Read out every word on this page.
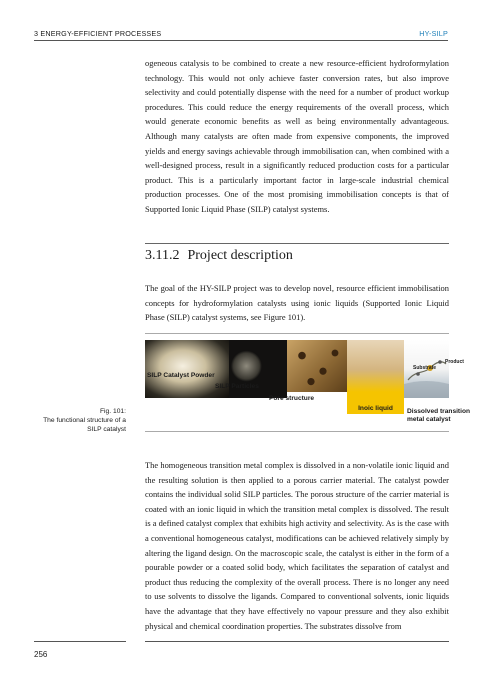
3 ENERGY-EFFICIENT PROCESSES	HY-SILP

ogeneous catalysis to be combined to create a new resource-efficient hydroformylation technology. This would not only achieve faster conversion rates, but also improve selectivity and could potentially dispense with the need for a number of product workup procedures. This could reduce the energy requirements of the overall process, which would generate economic benefits as well as being environmentally advantageous. Although many catalysts are often made from expensive components, the improved yields and energy savings achievable through immobilisation can, when combined with a well-designed process, result in a significantly reduced production costs for a particular product. This is a particularly important factor in large-scale industrial chemical production processes. One of the most promising immobilisation concepts is that of Supported Ionic Liquid Phase (SILP) catalyst systems.

3.11.2 Project description

The goal of the HY-SILP project was to develop novel, resource efficient immobilisation concepts for hydroformylation catalysts using ionic liquids (Supported Ionic Liquid Phase (SILP) catalyst systems, see Figure 101).

SILP Catalyst Powder
SILP Particles
Pore structure
Inoic liquid	Dissolved transition metal catalyst
Substrate
Product
Fig. 101:
The functional structure of a SILP catalyst

The homogeneous transition metal complex is dissolved in a non-volatile ionic liquid and the resulting solution is then applied to a porous carrier material. The catalyst powder contains the individual solid SILP particles. The porous structure of the carrier material is coated with an ionic liquid in which the transition metal complex is dissolved. The result is a defined catalyst complex that exhibits high activity and selectivity. As is the case with a conventional homogeneous catalyst, modifications can be achieved relatively simply by altering the ligand design. On the macroscopic scale, the catalyst is either in the form of a pourable powder or a coated solid body, which facilitates the separation of catalyst and product thus reducing the complexity of the overall process. There is no longer any need to use solvents to dissolve the ligands. Compared to conventional solvents, ionic liquids have the advantage that they have effectively no vapour pressure and they also exhibit physical and chemical coordination properties. The substrates dissolve from

256
